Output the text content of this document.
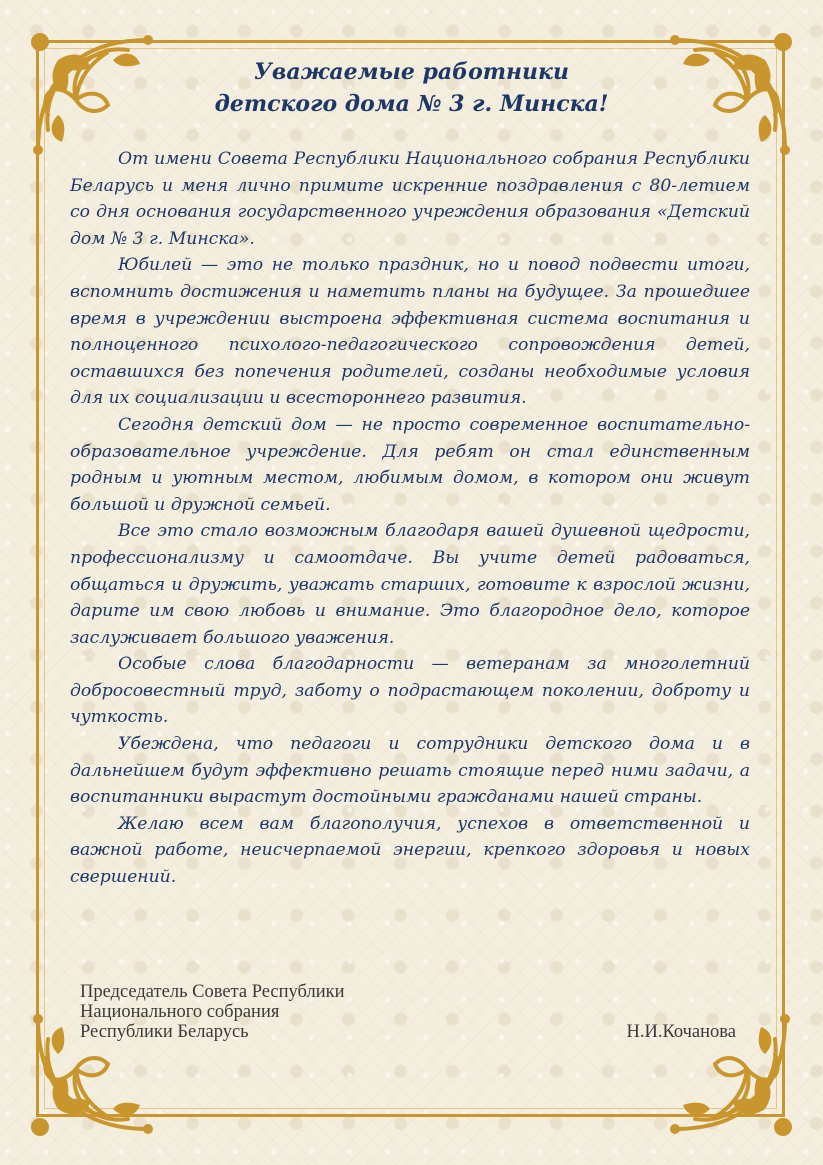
Уважаемые работники
детского дома № 3 г. Минска!

От имени Совета Республики Национального собрания Республики Беларусь и меня лично примите искренние поздравления с 80-летием со дня основания государственного учреждения образования «Детский дом № 3 г. Минска».

Юбилей — это не только праздник, но и повод подвести итоги, вспомнить достижения и наметить планы на будущее. За прошедшее время в учреждении выстроена эффективная система воспитания и полноценного психолого-педагогического сопровождения детей, оставшихся без попечения родителей, созданы необходимые условия для их социализации и всестороннего развития.

Сегодня детский дом — не просто современное воспитательно-образовательное учреждение. Для ребят он стал единственным родным и уютным местом, любимым домом, в котором они живут большой и дружной семьей.

Все это стало возможным благодаря вашей душевной щедрости, профессионализму и самоотдаче. Вы учите детей радоваться, общаться и дружить, уважать старших, готовите к взрослой жизни, дарите им свою любовь и внимание. Это благородное дело, которое заслуживает большого уважения.

Особые слова благодарности — ветеранам за многолетний добросовестный труд, заботу о подрастающем поколении, доброту и чуткость.

Убеждена, что педагоги и сотрудники детского дома и в дальнейшем будут эффективно решать стоящие перед ними задачи, а воспитанники вырастут достойными гражданами нашей страны.

Желаю всем вам благополучия, успехов в ответственной и важной работе, неисчерпаемой энергии, крепкого здоровья и новых свершений.

Председатель Совета Республики
Национального собрания
Республики Беларусь	Н.И.Кочанова
